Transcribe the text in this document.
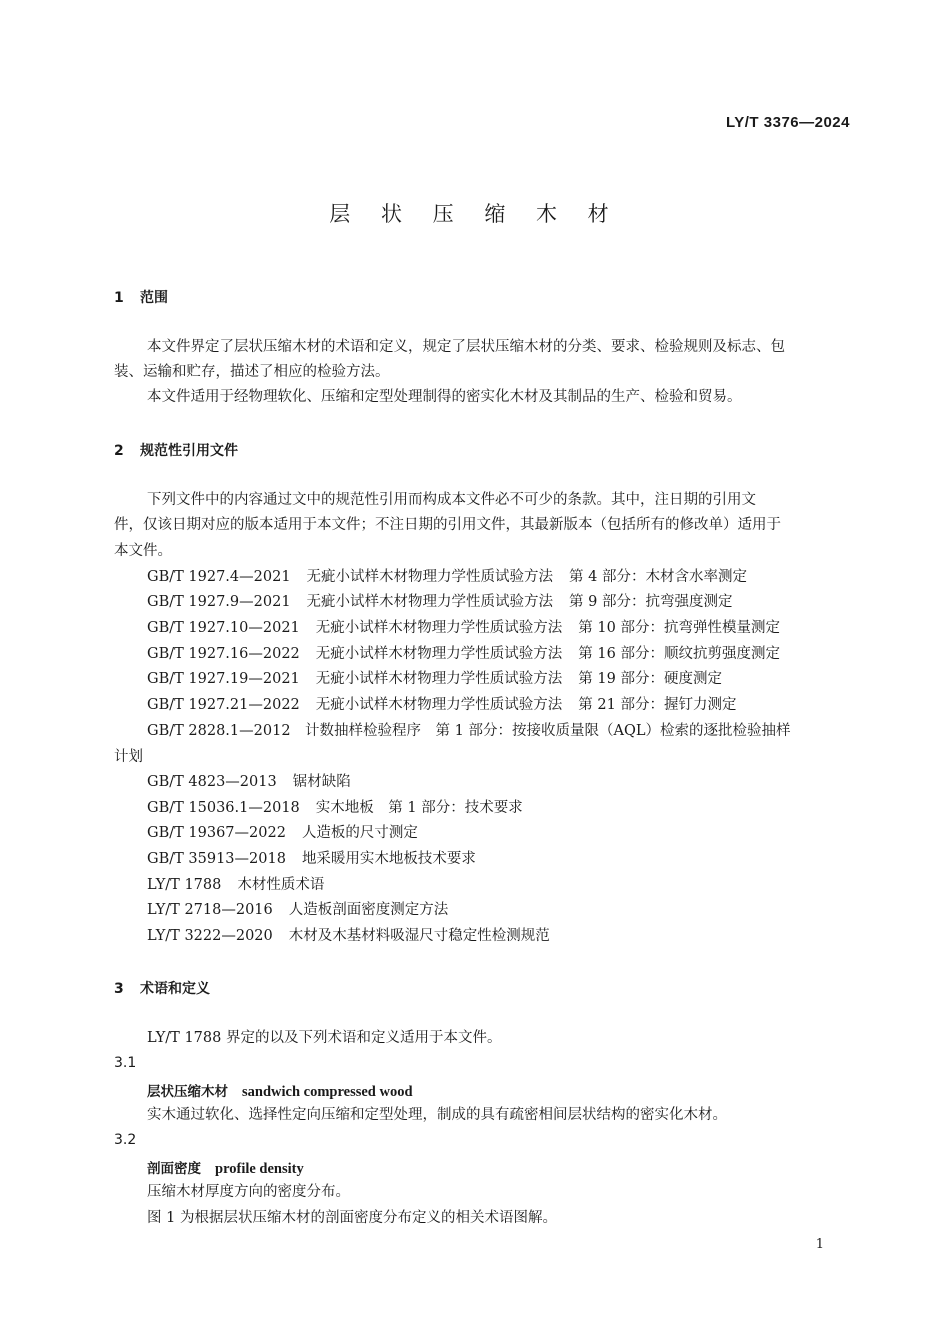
LY/T 3376—2024
层 状 压 缩 木 材
1 范围
本文件界定了层状压缩木材的术语和定义，规定了层状压缩木材的分类、要求、检验规则及标志、包
装、运输和贮存，描述了相应的检验方法。
本文件适用于经物理软化、压缩和定型处理制得的密实化木材及其制品的生产、检验和贸易。
2 规范性引用文件
下列文件中的内容通过文中的规范性引用而构成本文件必不可少的条款。其中，注日期的引用文
件，仅该日期对应的版本适用于本文件；不注日期的引用文件，其最新版本（包括所有的修改单）适用于
本文件。
GB/T 1927.4—2021 无疵小试样木材物理力学性质试验方法 第 4 部分：木材含水率测定
GB/T 1927.9—2021 无疵小试样木材物理力学性质试验方法 第 9 部分：抗弯强度测定
GB/T 1927.10—2021 无疵小试样木材物理力学性质试验方法 第 10 部分：抗弯弹性模量测定
GB/T 1927.16—2022 无疵小试样木材物理力学性质试验方法 第 16 部分：顺纹抗剪强度测定
GB/T 1927.19—2021 无疵小试样木材物理力学性质试验方法 第 19 部分：硬度测定
GB/T 1927.21—2022 无疵小试样木材物理力学性质试验方法 第 21 部分：握钉力测定
GB/T 2828.1—2012　计数抽样检验程序　第 1 部分：按接收质量限（AQL）检索的逐批检验抽样
计划
GB/T 4823—2013 锯材缺陷
GB/T 15036.1—2018 实木地板　第 1 部分：技术要求
GB/T 19367—2022 人造板的尺寸测定
GB/T 35913—2018 地采暖用实木地板技术要求
LY/T 1788 木材性质术语
LY/T 2718—2016 人造板剖面密度测定方法
LY/T 3222—2020 木材及木基材料吸湿尺寸稳定性检测规范
3 术语和定义
LY/T 1788 界定的以及下列术语和定义适用于本文件。
3.1
层状压缩木材 sandwich compressed wood
实木通过软化、选择性定向压缩和定型处理，制成的具有疏密相间层状结构的密实化木材。
3.2
剖面密度 profile density
压缩木材厚度方向的密度分布。
图 1 为根据层状压缩木材的剖面密度分布定义的相关术语图解。
1
